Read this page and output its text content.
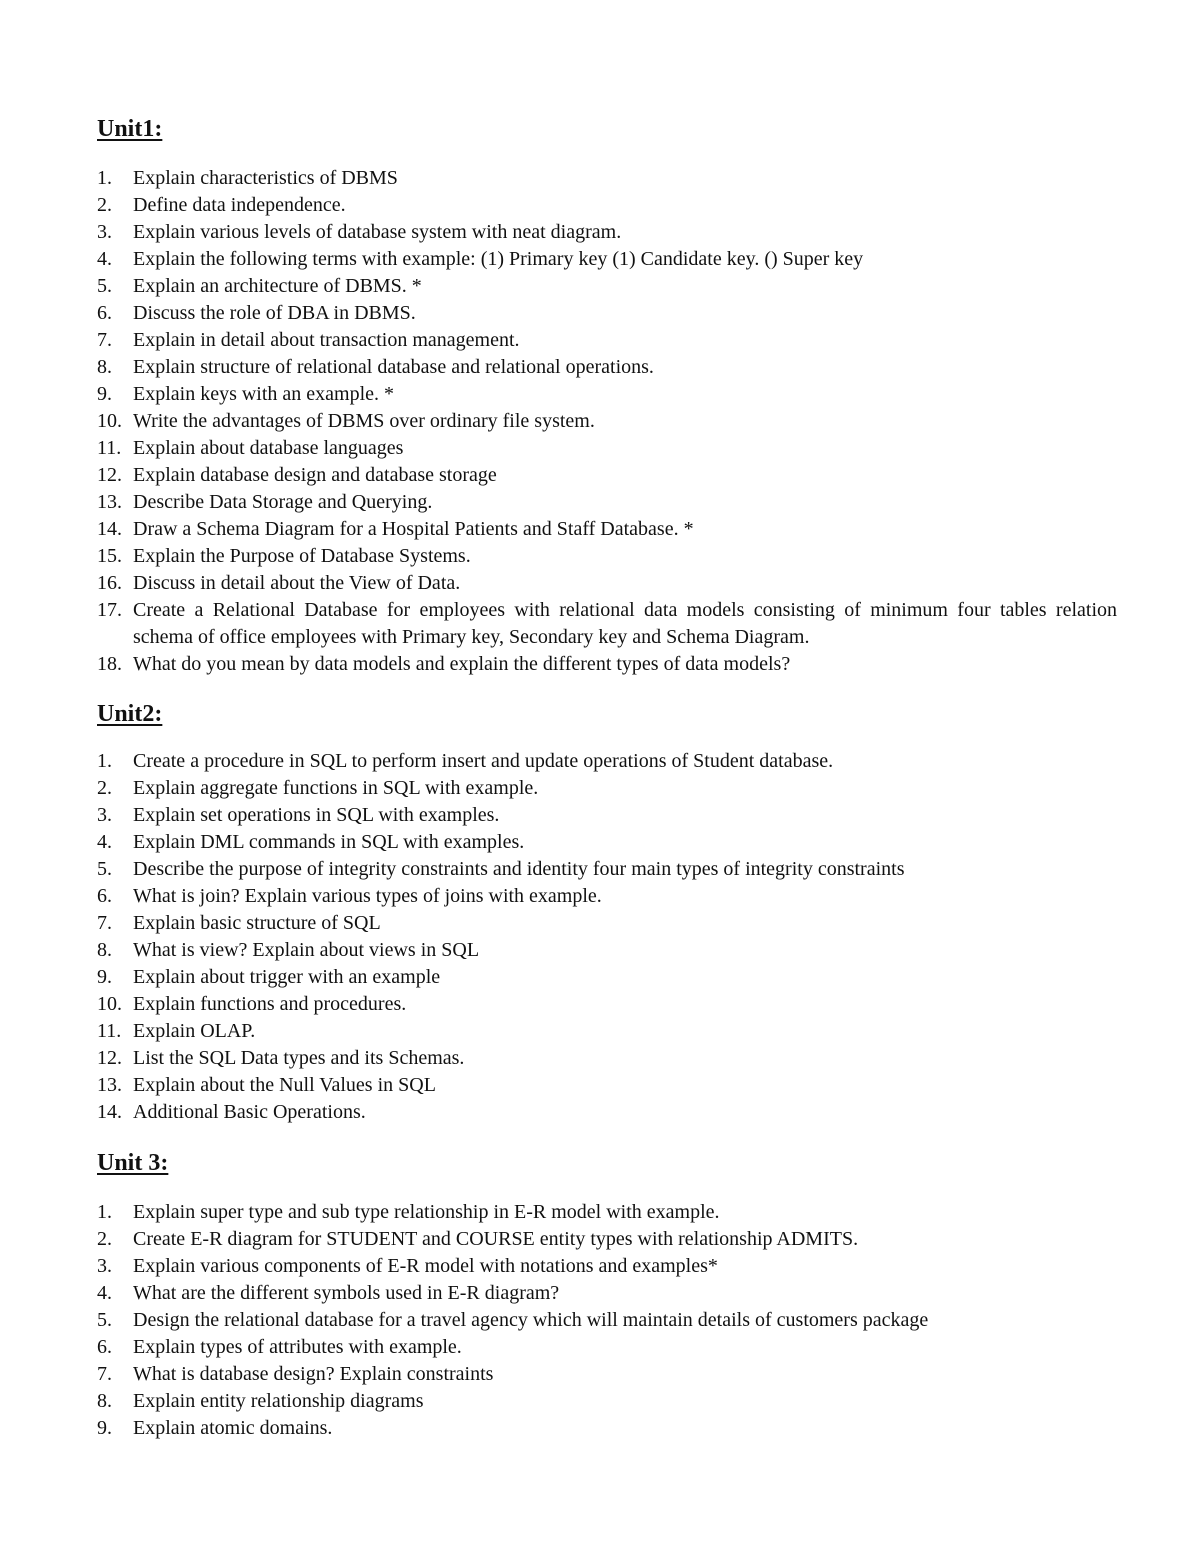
Unit1:
1.	Explain characteristics of DBMS
2.	Define data independence.
3.	Explain various levels of database system with neat diagram.
4.	Explain the following terms with example: (1) Primary key (1) Candidate key. () Super key
5.	Explain an architecture of DBMS. *
6.	Discuss the role of DBA in DBMS.
7.	Explain in detail about transaction management.
8.	Explain structure of relational database and relational operations.
9.	Explain keys with an example. *
10. Write the advantages of DBMS over ordinary file system.
11. Explain about database languages
12. Explain database design and database storage
13. Describe Data Storage and Querying.
14. Draw a Schema Diagram for a Hospital Patients and Staff Database. *
15. Explain the Purpose of Database Systems.
16. Discuss in detail about the View of Data.
17. Create a Relational Database for employees with relational data models consisting of minimum four tables relation schema of office employees with Primary key, Secondary key and Schema Diagram.
18. What do you mean by data models and explain the different types of data models?
Unit2:
1.	Create a procedure in SQL to perform insert and update operations of Student database.
2.	Explain aggregate functions in SQL with example.
3.	Explain set operations in SQL with examples.
4.	Explain DML commands in SQL with examples.
5.	Describe the purpose of integrity constraints and identity four main types of integrity constraints
6.	What is join? Explain various types of joins with example.
7.	Explain basic structure of SQL
8.	What is view? Explain about views in SQL
9.	Explain about trigger with an example
10. Explain functions and procedures.
11. Explain OLAP.
12. List the SQL Data types and its Schemas.
13. Explain about the Null Values in SQL
14. Additional Basic Operations.
Unit 3:
1.	Explain super type and sub type relationship in E-R model with example.
2.	Create E-R diagram for STUDENT and COURSE entity types with relationship ADMITS.
3.	Explain various components of E-R model with notations and examples*
4.	What are the different symbols used in E-R diagram?
5.	Design the relational database for a travel agency which will maintain details of customers package
6.	Explain types of attributes with example.
7.	What is database design? Explain constraints
8.	Explain entity relationship diagrams
9.	Explain atomic domains.
